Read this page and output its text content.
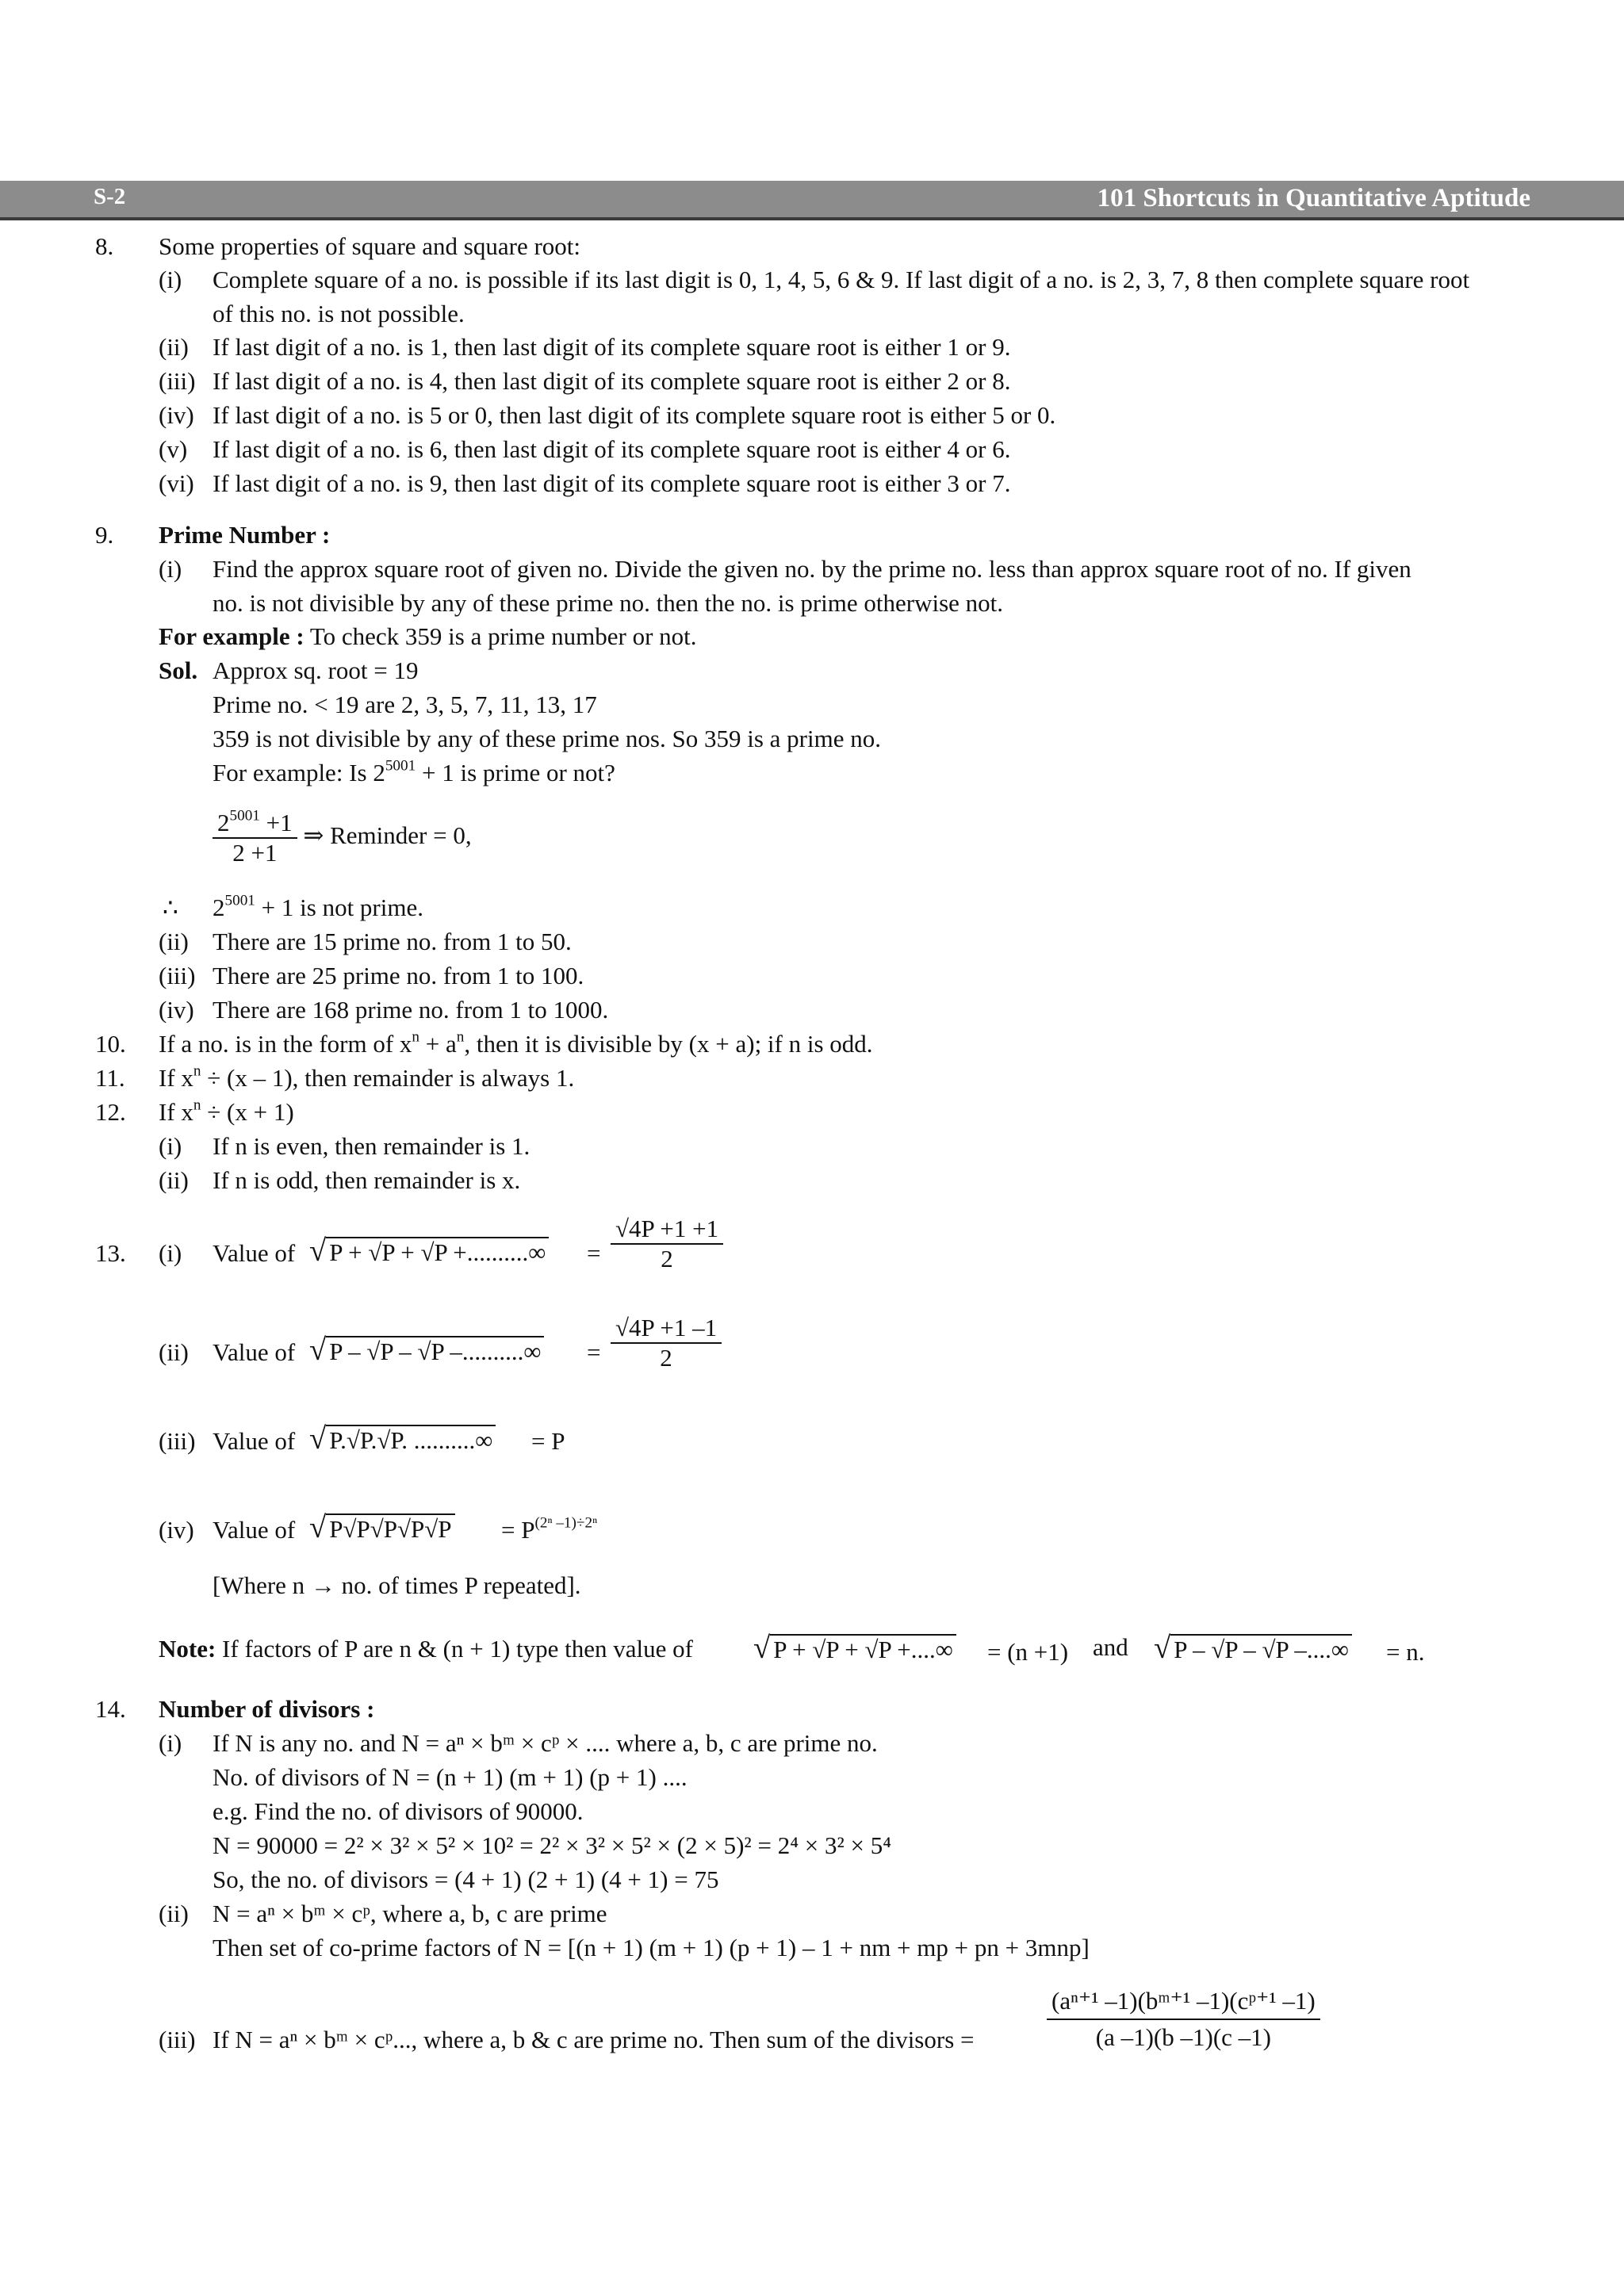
S-2	101 Shortcuts in Quantitative Aptitude
8. Some properties of square and square root:
(i) Complete square of a no. is possible if its last digit is 0, 1, 4, 5, 6 & 9. If last digit of a no. is 2, 3, 7, 8 then complete square root
of this no. is not possible.
(ii) If last digit of a no. is 1, then last digit of its complete square root is either 1 or 9.
(iii) If last digit of a no. is 4, then last digit of its complete square root is either 2 or 8.
(iv) If last digit of a no. is 5 or 0, then last digit of its complete square root is either 5 or 0.
(v) If last digit of a no. is 6, then last digit of its complete square root is either 4 or 6.
(vi) If last digit of a no. is 9, then last digit of its complete square root is either 3 or 7.
9. Prime Number :
(i) Find the approx square root of given no. Divide the given no. by the prime no. less than approx square root of no. If given
no. is not divisible by any of these prime no. then the no. is prime otherwise not.
For example : To check 359 is a prime number or not.
Sol. Approx sq. root = 19
Prime no. < 19 are 2, 3, 5, 7, 11, 13, 17
359 is not divisible by any of these prime nos. So 359 is a prime no.
For example: Is $2^{5001} + 1$ is prime or not?
$\frac{2^{5001} +1}{2 +1}$ ⇒ Reminder = 0,
∴ $2^{5001} + 1$ is not prime.
(ii) There are 15 prime no. from 1 to 50.
(iii) There are 25 prime no. from 1 to 100.
(iv) There are 168 prime no. from 1 to 1000.
10. If a no. is in the form of $x^n + a^n$, then it is divisible by (x + a); if n is odd.
11. If $x^n \div (x - 1)$, then remainder is always 1.
12. If $x^n \div (x + 1)$
(i) If n is even, then remainder is 1.
(ii) If n is odd, then remainder is x.
13. (i) Value of √ P + √P + √P +..........∞ = $\frac{√4P +1 +1}{2}$
(ii) Value of √ P – √P – √P –..........∞ = $\frac{√4P +1 -1}{2}$
(iii) Value of √ P.√P.√P. ..........∞ = P
(iv) Value of √ $P√P√P√P√P = P^{(2^n -1)\div 2^n}$
[Where n → no. of times P repeated].
Note: If factors of P are n & (n + 1) type then value of √ P + √P + √P +....∞ = (n +1) and √ P – √P – √P –....∞ = n.
14. Number of divisors :
(i) If N is any no. and N = aⁿ × bᵐ × cᵖ × .... where a, b, c are prime no.
No. of divisors of N = (n + 1) (m + 1) (p + 1) ....
e.g. Find the no. of divisors of 90000.
N = 90000 = 2² × 3² × 5² × 10² = 2² × 3² × 5² × (2 × 5)² = 2⁴ × 3² × 5⁴
So, the no. of divisors = (4 + 1) (2 + 1) (4 + 1) = 75
(ii) N = aⁿ × bᵐ × cᵖ, where a, b, c are prime
Then set of co-prime factors of N = [(n + 1) (m + 1) (p + 1) – 1 + nm + mp + pn + 3mnp]
(iii) If N = aⁿ × bᵐ × cᵖ..., where a, b & c are prime no. Then sum of the divisors =	$\frac{\text{(aⁿ⁺¹ –1)(bᵐ⁺¹ –1)(cᵖ⁺¹ –1)}}{(a -1)(b -1)(c -1)}$
